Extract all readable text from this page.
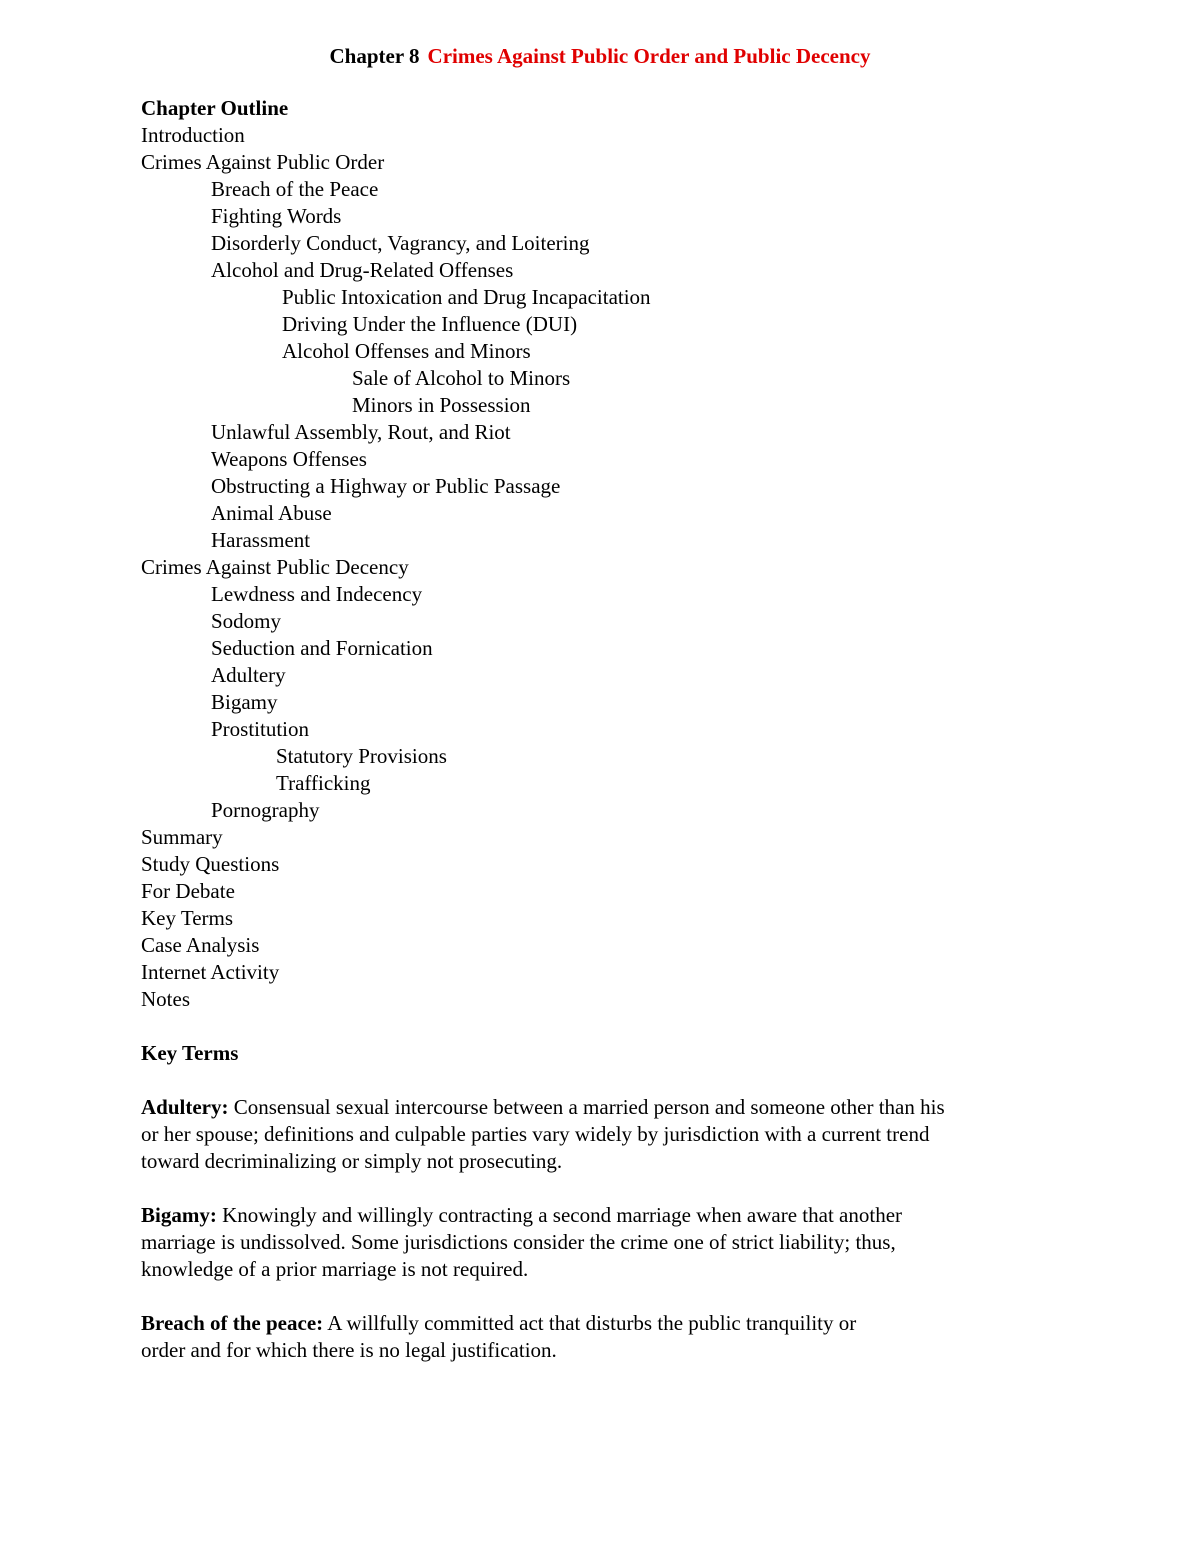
Chapter 8 Crimes Against Public Order and Public Decency
Chapter Outline
Introduction
Crimes Against Public Order
Breach of the Peace
Fighting Words
Disorderly Conduct, Vagrancy, and Loitering
Alcohol and Drug-Related Offenses
Public Intoxication and Drug Incapacitation
Driving Under the Influence (DUI)
Alcohol Offenses and Minors
Sale of Alcohol to Minors
Minors in Possession
Unlawful Assembly, Rout, and Riot
Weapons Offenses
Obstructing a Highway or Public Passage
Animal Abuse
Harassment
Crimes Against Public Decency
Lewdness and Indecency
Sodomy
Seduction and Fornication
Adultery
Bigamy
Prostitution
Statutory Provisions
Trafficking
Pornography
Summary
Study Questions
For Debate
Key Terms
Case Analysis
Internet Activity
Notes
Key Terms

Adultery: Consensual sexual intercourse between a married person and someone other than his

or her spouse; definitions and culpable parties vary widely by jurisdiction with a current trend

toward decriminalizing or simply not prosecuting.

Bigamy: Knowingly and willingly contracting a second marriage when aware that another

marriage is undissolved. Some jurisdictions consider the crime one of strict liability; thus,

knowledge of a prior marriage is not required.

Breach of the peace: A willfully committed act that disturbs the public tranquility or

order and for which there is no legal justification.
